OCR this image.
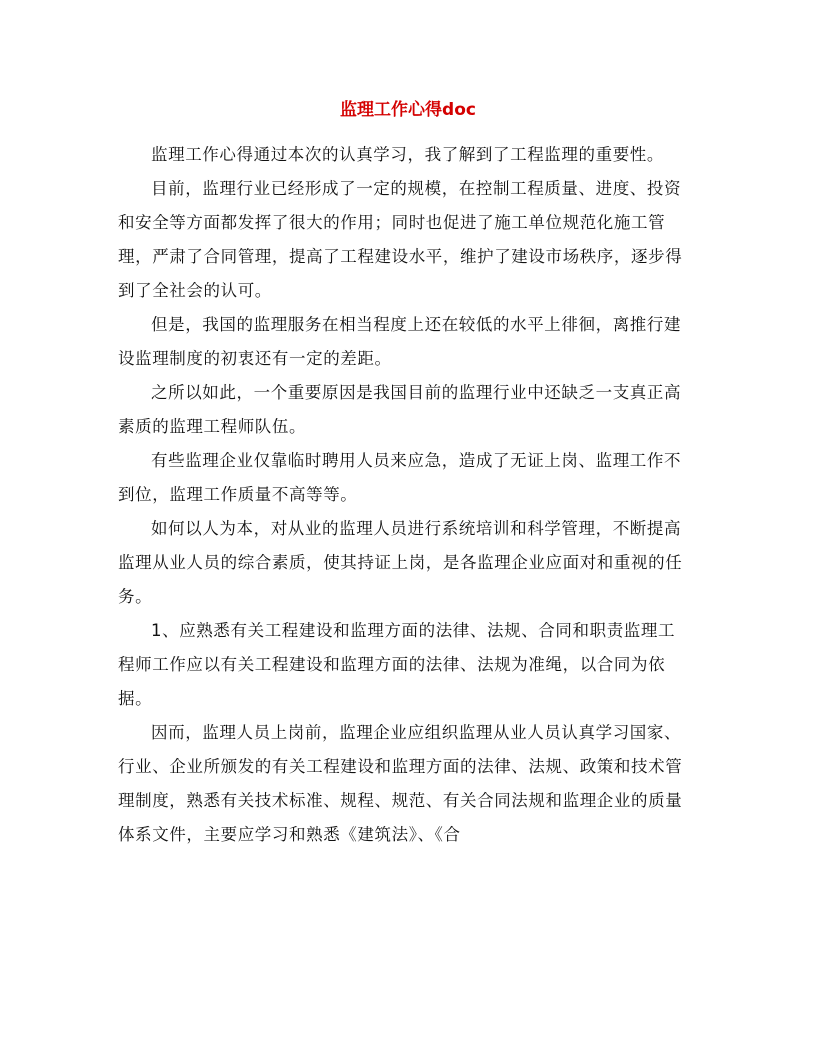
监理工作心得doc

监理工作心得通过本次的认真学习，我了解到了工程监理的重要性。

目前，监理行业已经形成了一定的规模，在控制工程质量、进度、投资和安全等方面都发挥了很大的作用；同时也促进了施工单位规范化施工管理，严肃了合同管理，提高了工程建设水平，维护了建设市场秩序，逐步得到了全社会的认可。

但是，我国的监理服务在相当程度上还在较低的水平上徘徊，离推行建设监理制度的初衷还有一定的差距。

之所以如此，一个重要原因是我国目前的监理行业中还缺乏一支真正高素质的监理工程师队伍。

有些监理企业仅靠临时聘用人员来应急，造成了无证上岗、监理工作不到位，监理工作质量不高等等。

如何以人为本，对从业的监理人员进行系统培训和科学管理，不断提高监理从业人员的综合素质，使其持证上岗，是各监理企业应面对和重视的任务。

1、应熟悉有关工程建设和监理方面的法律、法规、合同和职责监理工程师工作应以有关工程建设和监理方面的法律、法规为准绳，以合同为依据。

因而，监理人员上岗前，监理企业应组织监理从业人员认真学习国家、行业、企业所颁发的有关工程建设和监理方面的法律、法规、政策和技术管理制度，熟悉有关技术标准、规程、规范、有关合同法规和监理企业的质量体系文件，主要应学习和熟悉《建筑法》、《合
